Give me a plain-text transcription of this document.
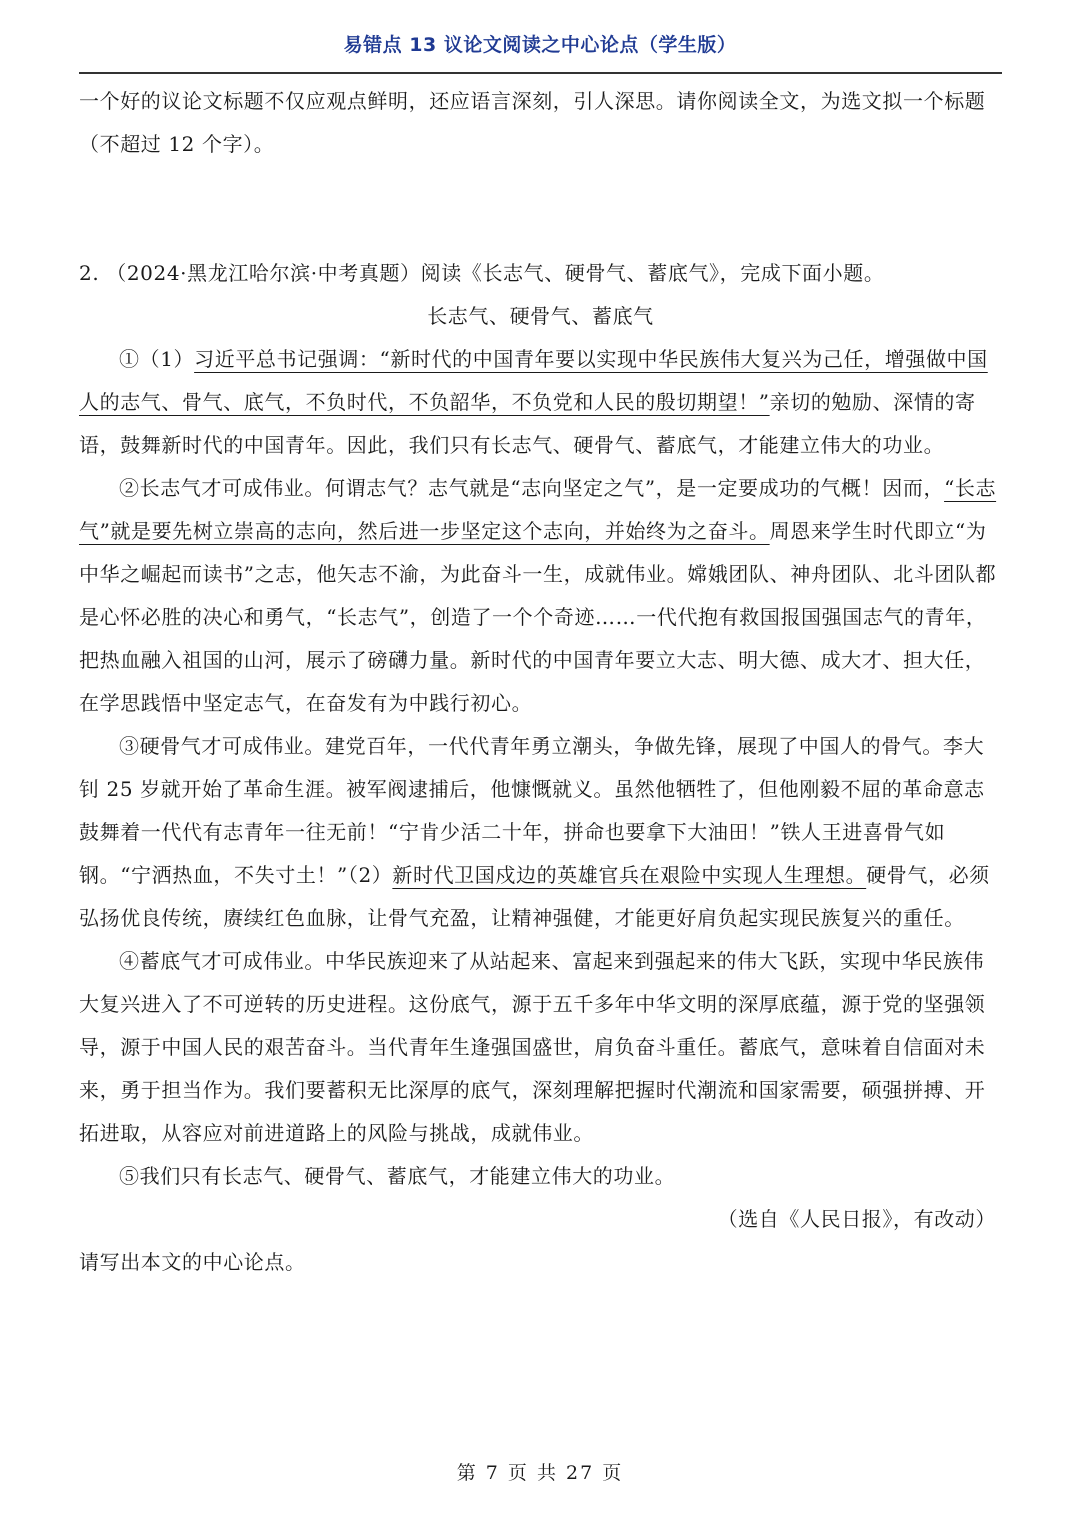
易错点 13 议论文阅读之中心论点（学生版）

一个好的议论文标题不仅应观点鲜明，还应语言深刻，引人深思。请你阅读全文，为选文拟一个标题（不超过 12 个字）。

2. （2024·黑龙江哈尔滨·中考真题）阅读《长志气、硬骨气、蓄底气》，完成下面小题。

长志气、硬骨气、蓄底气

①（1）习近平总书记强调：“新时代的中国青年要以实现中华民族伟大复兴为己任，增强做中国人的志气、骨气、底气，不负时代，不负韶华，不负党和人民的殷切期望！”亲切的勉励、深情的寄语，鼓舞新时代的中国青年。因此，我们只有长志气、硬骨气、蓄底气，才能建立伟大的功业。

②长志气才可成伟业。何谓志气？志气就是“志向坚定之气”，是一定要成功的气概！因而，“长志气”就是要先树立崇高的志向，然后进一步坚定这个志向，并始终为之奋斗。周恩来学生时代即立“为中华之崛起而读书”之志，他矢志不渝，为此奋斗一生，成就伟业。嫦娥团队、神舟团队、北斗团队都是心怀必胜的决心和勇气，“长志气”，创造了一个个奇迹……一代代抱有救国报国强国志气的青年，把热血融入祖国的山河，展示了磅礴力量。新时代的中国青年要立大志、明大德、成大才、担大任，在学思践悟中坚定志气，在奋发有为中践行初心。

③硬骨气才可成伟业。建党百年，一代代青年勇立潮头，争做先锋，展现了中国人的骨气。李大钊 25 岁就开始了革命生涯。被军阀逮捕后，他慷慨就义。虽然他牺牲了，但他刚毅不屈的革命意志鼓舞着一代代有志青年一往无前！“宁肯少活二十年，拼命也要拿下大油田！”铁人王进喜骨气如钢。“宁洒热血，不失寸土！”（2）新时代卫国戍边的英雄官兵在艰险中实现人生理想。硬骨气，必须弘扬优良传统，赓续红色血脉，让骨气充盈，让精神强健，才能更好肩负起实现民族复兴的重任。

④蓄底气才可成伟业。中华民族迎来了从站起来、富起来到强起来的伟大飞跃，实现中华民族伟大复兴进入了不可逆转的历史进程。这份底气，源于五千多年中华文明的深厚底蕴，源于党的坚强领导，源于中国人民的艰苦奋斗。当代青年生逢强国盛世，肩负奋斗重任。蓄底气，意味着自信面对未来，勇于担当作为。我们要蓄积无比深厚的底气，深刻理解把握时代潮流和国家需要，硕强拼搏、开拓进取，从容应对前进道路上的风险与挑战，成就伟业。

⑤我们只有长志气、硬骨气、蓄底气，才能建立伟大的功业。

（选自《人民日报》，有改动）

请写出本文的中心论点。

第 7 页 共 27 页
